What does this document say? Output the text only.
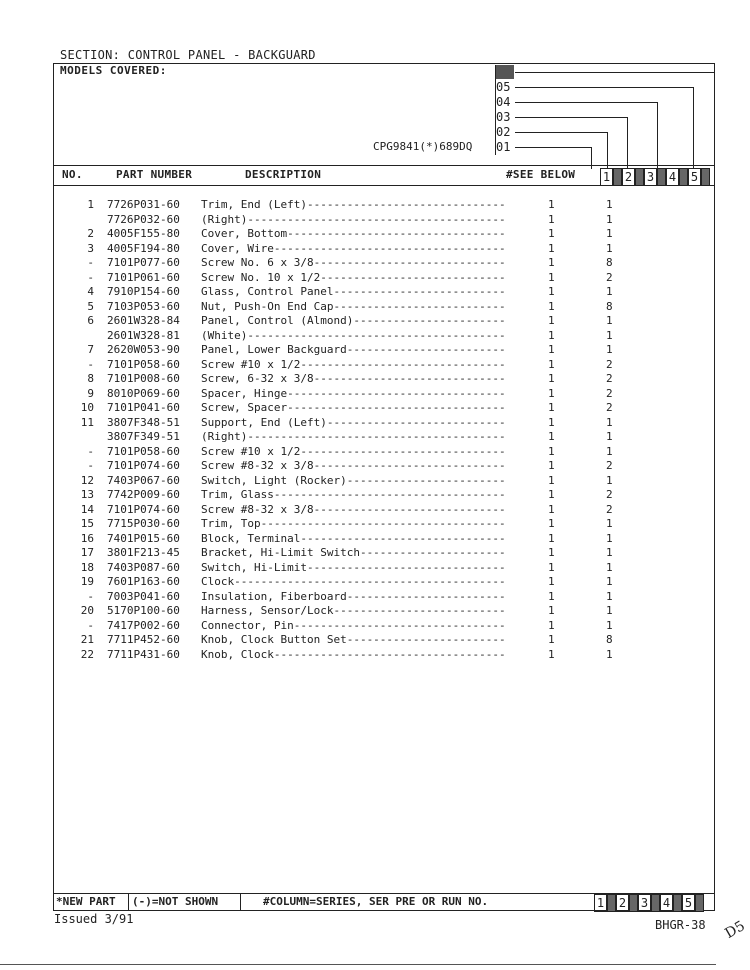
SECTION: CONTROL PANEL - BACKGUARD
MODELS COVERED:
CPG9841(*)689DQ
05
04
03
02
01
NO.	PART NUMBER	DESCRIPTION	#SEE BELOW 1 2 3 4 5
1 7726P031-60 Trim, End (Left)------------------------------	1	1
7726P032-60 (Right)---------------------------------------	1	1
2 4005F155-80 Cover, Bottom---------------------------------	1	1
3 4005F194-80 Cover, Wire-----------------------------------	1	1
- 7101P077-60 Screw No. 6 x 3/8-----------------------------	1	8
- 7101P061-60 Screw No. 10 x 1/2----------------------------	1	2
4 7910P154-60 Glass, Control Panel--------------------------	1	1
5 7103P053-60 Nut, Push-On End Cap--------------------------	1	8
6 2601W328-84 Panel, Control (Almond)-----------------------	1	1
2601W328-81 (White)---------------------------------------	1	1
7 2620W053-90 Panel, Lower Backguard------------------------	1	1
- 7101P058-60 Screw #10 x 1/2-------------------------------	1	2
8 7101P008-60 Screw, 6-32 x 3/8-----------------------------	1	2
9 8010P069-60 Spacer, Hinge---------------------------------	1	2
10 7101P041-60 Screw, Spacer---------------------------------	1	2
11 3807F348-51 Support, End (Left)---------------------------	1	1
3807F349-51 (Right)---------------------------------------	1	1
- 7101P058-60 Screw #10 x 1/2-------------------------------	1	1
- 7101P074-60 Screw #8-32 x 3/8-----------------------------	1	2
12 7403P067-60 Switch, Light (Rocker)------------------------	1	1
13 7742P009-60 Trim, Glass-----------------------------------	1	2
14 7101P074-60 Screw #8-32 x 3/8-----------------------------	1	2
15 7715P030-60 Trim, Top-------------------------------------	1	1
16 7401P015-60 Block, Terminal-------------------------------	1	1
17 3801F213-45 Bracket, Hi-Limit Switch----------------------	1	1
18 7403P087-60 Switch, Hi-Limit------------------------------	1	1
19 7601P163-60 Clock-----------------------------------------	1	1
- 7003P041-60 Insulation, Fiberboard------------------------	1	1
20 5170P100-60 Harness, Sensor/Lock--------------------------	1	1
- 7417P002-60 Connector, Pin--------------------------------	1	1
21 7711P452-60 Knob, Clock Button Set------------------------	1	8
22 7711P431-60 Knob, Clock-----------------------------------	1	1
*NEW PART (-)=NOT SHOWN	#COLUMN=SERIES, SER PRE OR RUN NO.	1 2 3 4 5
Issued 3/91	BHGR-38 D5
